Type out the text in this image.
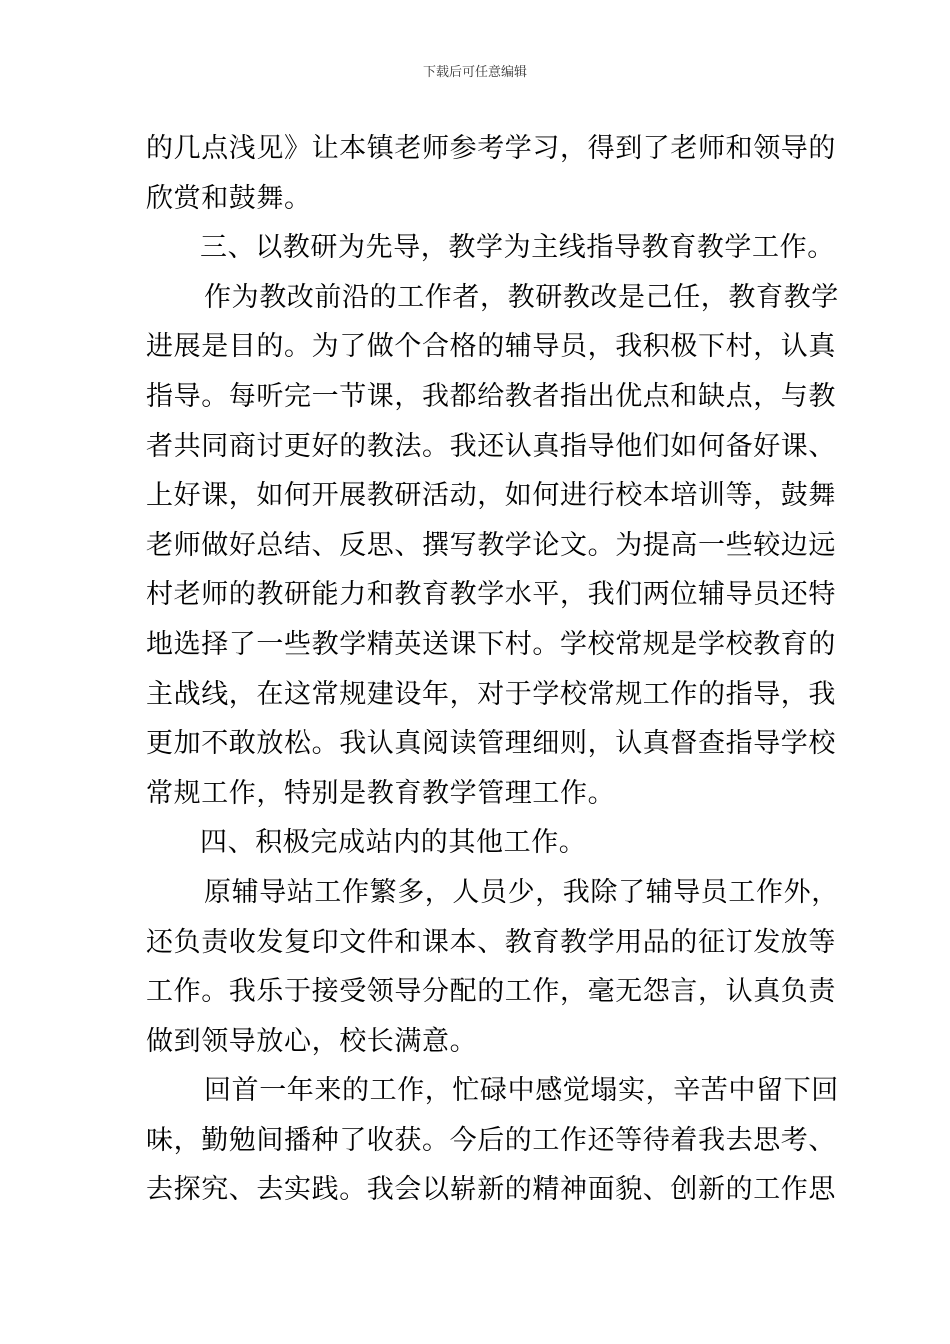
下载后可任意编辑
的几点浅见》让本镇老师参考学习，得到了老师和领导的
欣赏和鼓舞。
三、以教研为先导，教学为主线指导教育教学工作。
作为教改前沿的工作者，教研教改是己任，教育教学
进展是目的。为了做个合格的辅导员，我积极下村，认真
指导。每听完一节课，我都给教者指出优点和缺点，与教
者共同商讨更好的教法。我还认真指导他们如何备好课、
上好课，如何开展教研活动，如何进行校本培训等，鼓舞
老师做好总结、反思、撰写教学论文。为提高一些较边远
村老师的教研能力和教育教学水平，我们两位辅导员还特
地选择了一些教学精英送课下村。学校常规是学校教育的
主战线，在这常规建设年，对于学校常规工作的指导，我
更加不敢放松。我认真阅读管理细则，认真督查指导学校
常规工作，特别是教育教学管理工作。
四、积极完成站内的其他工作。
原辅导站工作繁多，人员少，我除了辅导员工作外，
还负责收发复印文件和课本、教育教学用品的征订发放等
工作。我乐于接受领导分配的工作，毫无怨言，认真负责
做到领导放心，校长满意。
回首一年来的工作，忙碌中感觉塌实，辛苦中留下回
味，勤勉间播种了收获。今后的工作还等待着我去思考、
去探究、去实践。我会以崭新的精神面貌、创新的工作思
